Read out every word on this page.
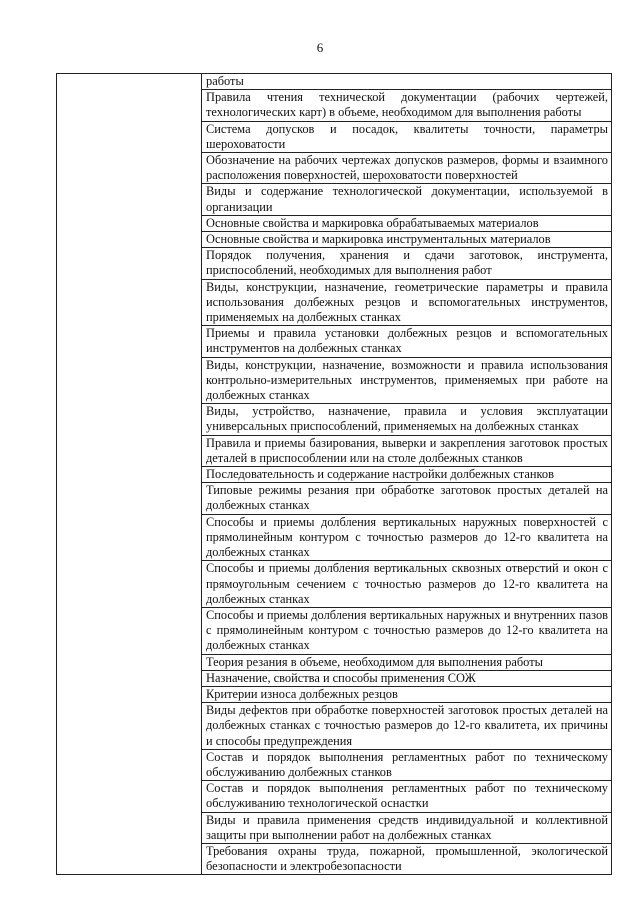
6
	работы
Правила чтения технической документации (рабочих чертежей, технологических карт) в объеме, необходимом для выполнения работы
Система допусков и посадок, квалитеты точности, параметры шероховатости
Обозначение на рабочих чертежах допусков размеров, формы и взаимного расположения поверхностей, шероховатости поверхностей
Виды и содержание технологической документации, используемой в организации
Основные свойства и маркировка обрабатываемых материалов
Основные свойства и маркировка инструментальных материалов
Порядок получения, хранения и сдачи заготовок, инструмента, приспособлений, необходимых для выполнения работ
Виды, конструкции, назначение, геометрические параметры и правила использования долбежных резцов и вспомогательных инструментов, применяемых на долбежных станках
Приемы и правила установки долбежных резцов и вспомогательных инструментов на долбежных станках
Виды, конструкции, назначение, возможности и правила использования контрольно-измерительных инструментов, применяемых при работе на долбежных станках
Виды, устройство, назначение, правила и условия эксплуатации универсальных приспособлений, применяемых на долбежных станках
Правила и приемы базирования, выверки и закрепления заготовок простых деталей в приспособлении или на столе долбежных станков
Последовательность и содержание настройки долбежных станков
Типовые режимы резания при обработке заготовок простых деталей на долбежных станках
Способы и приемы долбления вертикальных наружных поверхностей с прямолинейным контуром с точностью размеров до 12-го квалитета на долбежных станках
Способы и приемы долбления вертикальных сквозных отверстий и окон с прямоугольным сечением с точностью размеров до 12-го квалитета на долбежных станках
Способы и приемы долбления вертикальных наружных и внутренних пазов с прямолинейным контуром с точностью размеров до 12-го квалитета на долбежных станках
Теория резания в объеме, необходимом для выполнения работы
Назначение, свойства и способы применения СОЖ
Критерии износа долбежных резцов
Виды дефектов при обработке поверхностей заготовок простых деталей на долбежных станках с точностью размеров до 12-го квалитета, их причины и способы предупреждения
Состав и порядок выполнения регламентных работ по техническому обслуживанию долбежных станков
Состав и порядок выполнения регламентных работ по техническому обслуживанию технологической оснастки
Виды и правила применения средств индивидуальной и коллективной защиты при выполнении работ на долбежных станках
Требования охраны труда, пожарной, промышленной, экологической безопасности и электробезопасности
